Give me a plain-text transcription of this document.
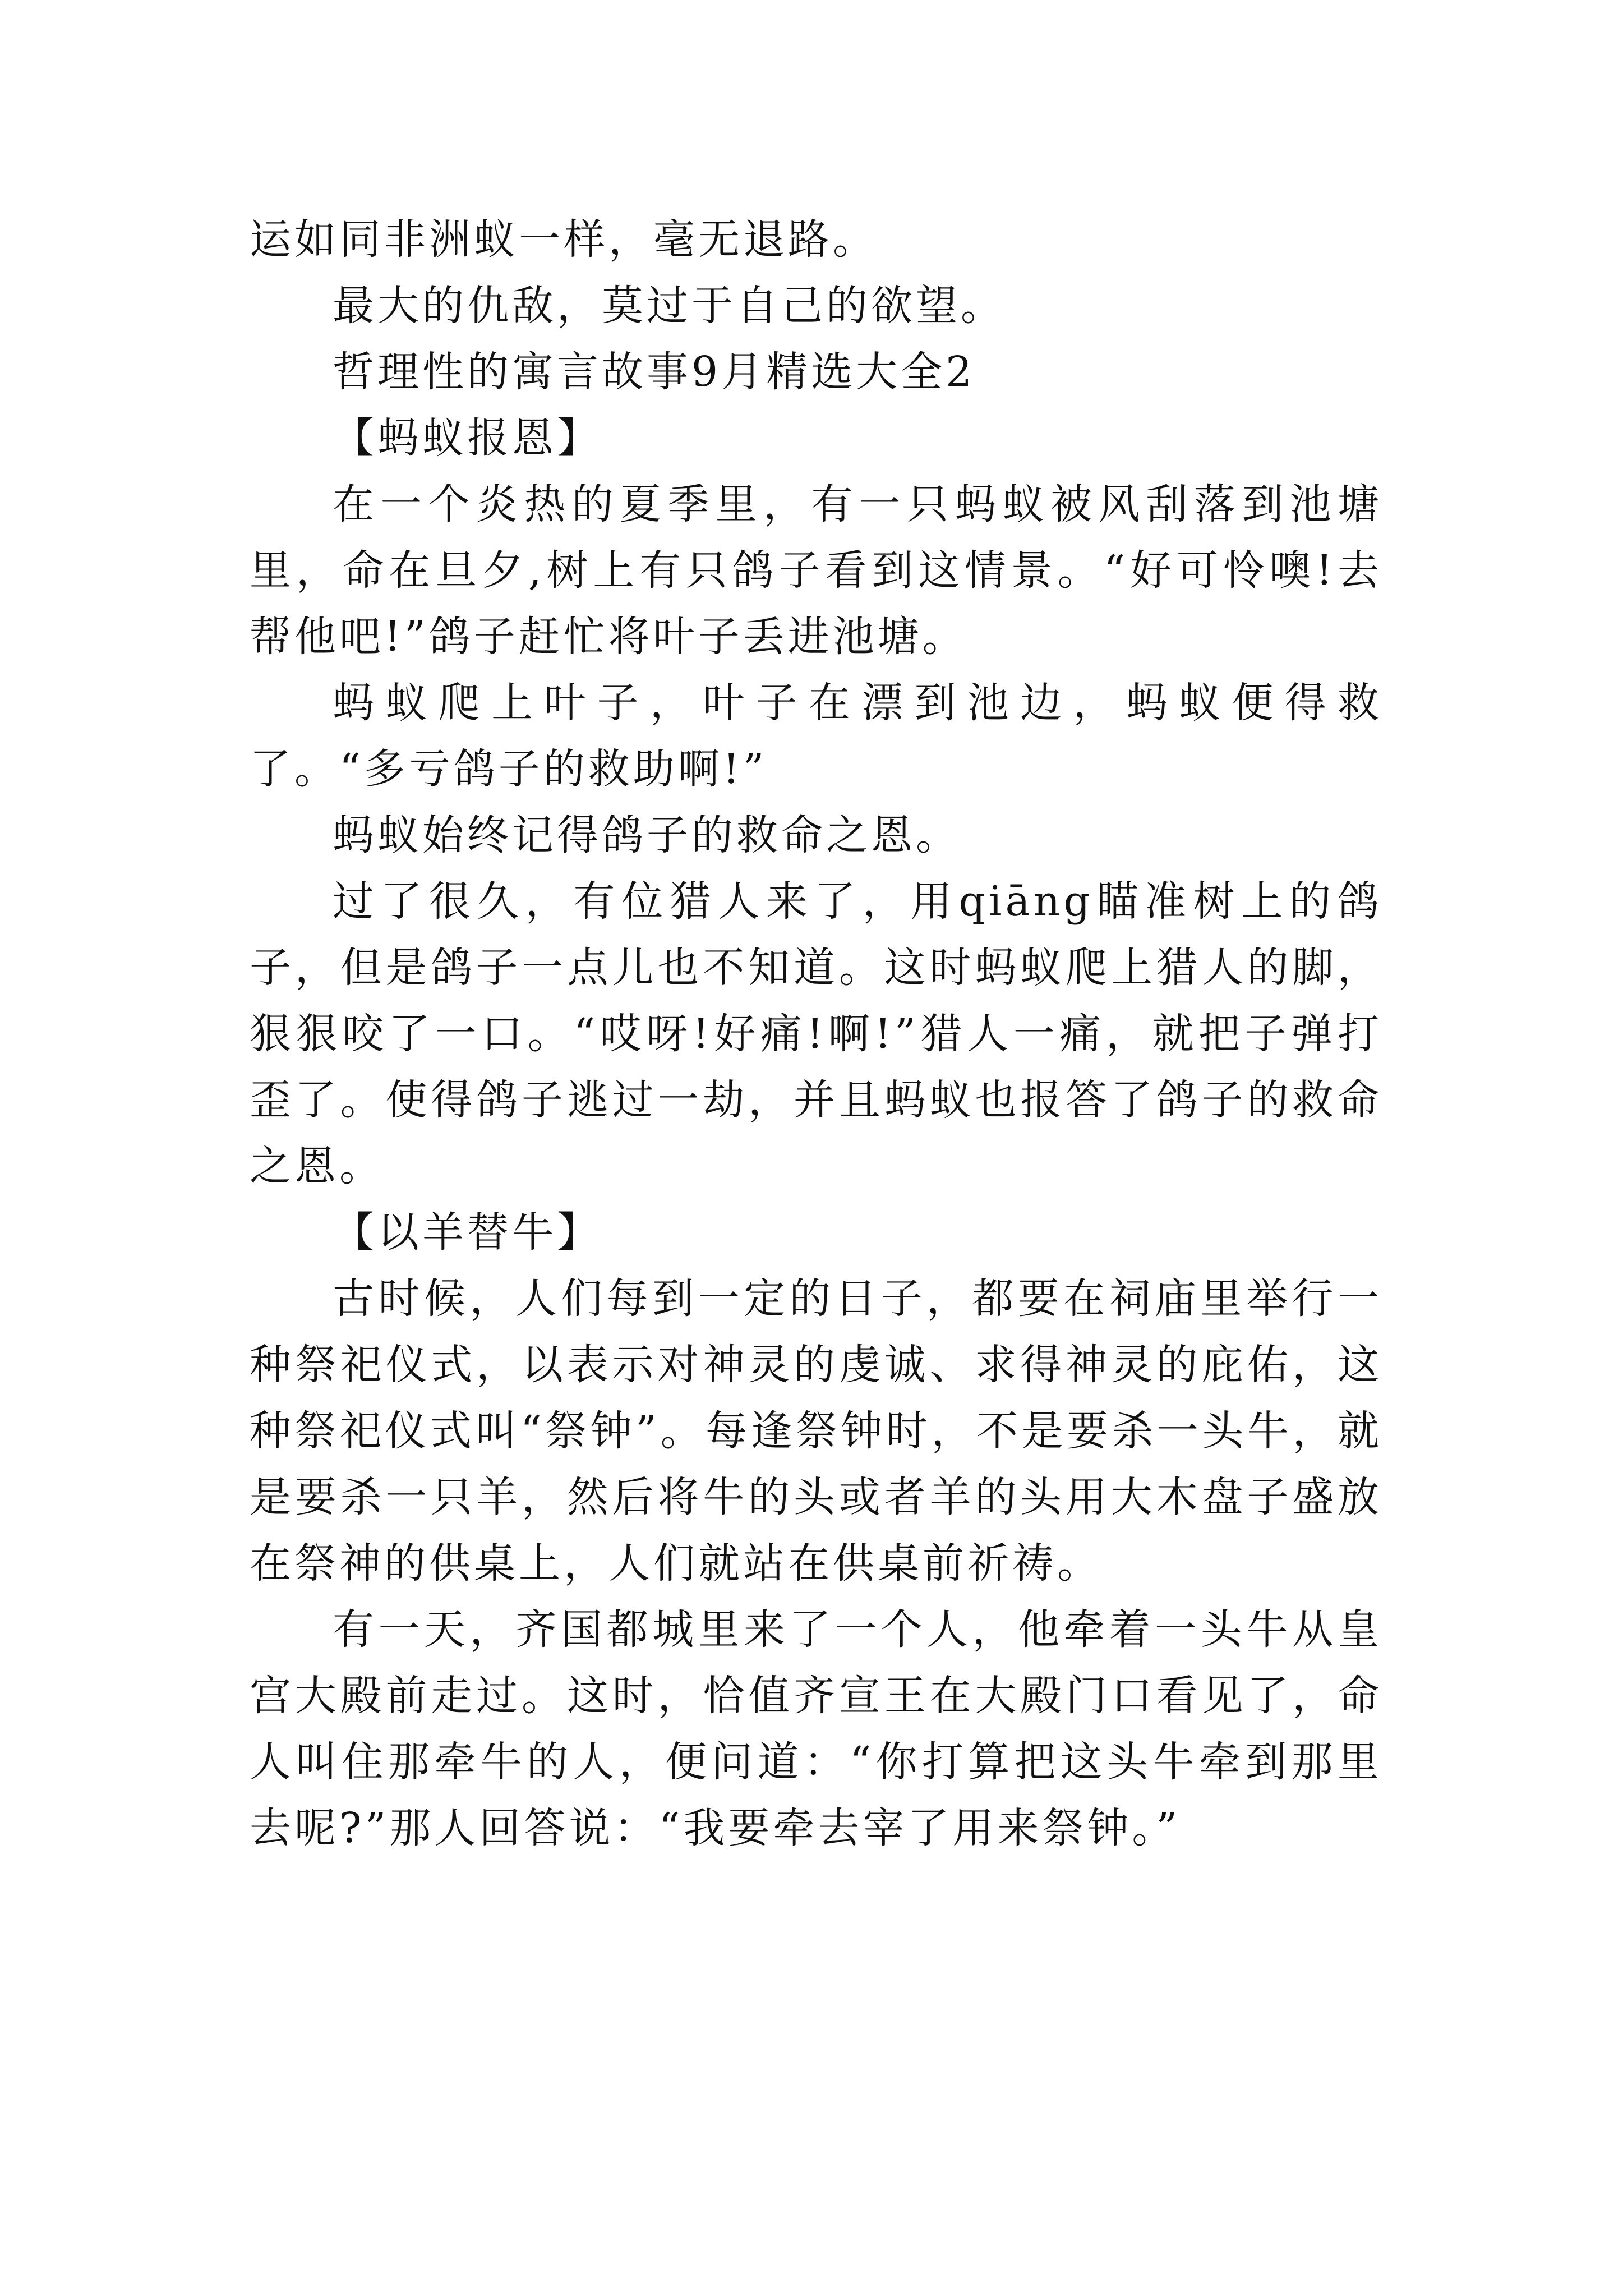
运如同非洲蚁一样，毫无退路。

最大的仇敌，莫过于自己的欲望。

哲理性的寓言故事9月精选大全2

【蚂蚁报恩】

在一个炎热的夏季里，有一只蚂蚁被风刮落到池塘里，命在旦夕,树上有只鸽子看到这情景。“好可怜噢!去帮他吧!”鸽子赶忙将叶子丢进池塘。

蚂蚁爬上叶子，叶子在漂到池边，蚂蚁便得救了。“多亏鸽子的救助啊!”

蚂蚁始终记得鸽子的救命之恩。

过了很久，有位猎人来了，用qiāng瞄准树上的鸽子，但是鸽子一点儿也不知道。这时蚂蚁爬上猎人的脚，狠狠咬了一口。“哎呀!好痛!啊!”猎人一痛，就把子弹打歪了。使得鸽子逃过一劫，并且蚂蚁也报答了鸽子的救命之恩。

【以羊替牛】

古时候，人们每到一定的日子，都要在祠庙里举行一种祭祀仪式，以表示对神灵的虔诚、求得神灵的庇佑，这种祭祀仪式叫“祭钟”。每逢祭钟时，不是要杀一头牛，就是要杀一只羊，然后将牛的头或者羊的头用大木盘子盛放在祭神的供桌上，人们就站在供桌前祈祷。

有一天，齐国都城里来了一个人，他牵着一头牛从皇宫大殿前走过。这时，恰值齐宣王在大殿门口看见了，命人叫住那牵牛的人，便问道：“你打算把这头牛牵到那里去呢?”那人回答说：“我要牵去宰了用来祭钟。”
